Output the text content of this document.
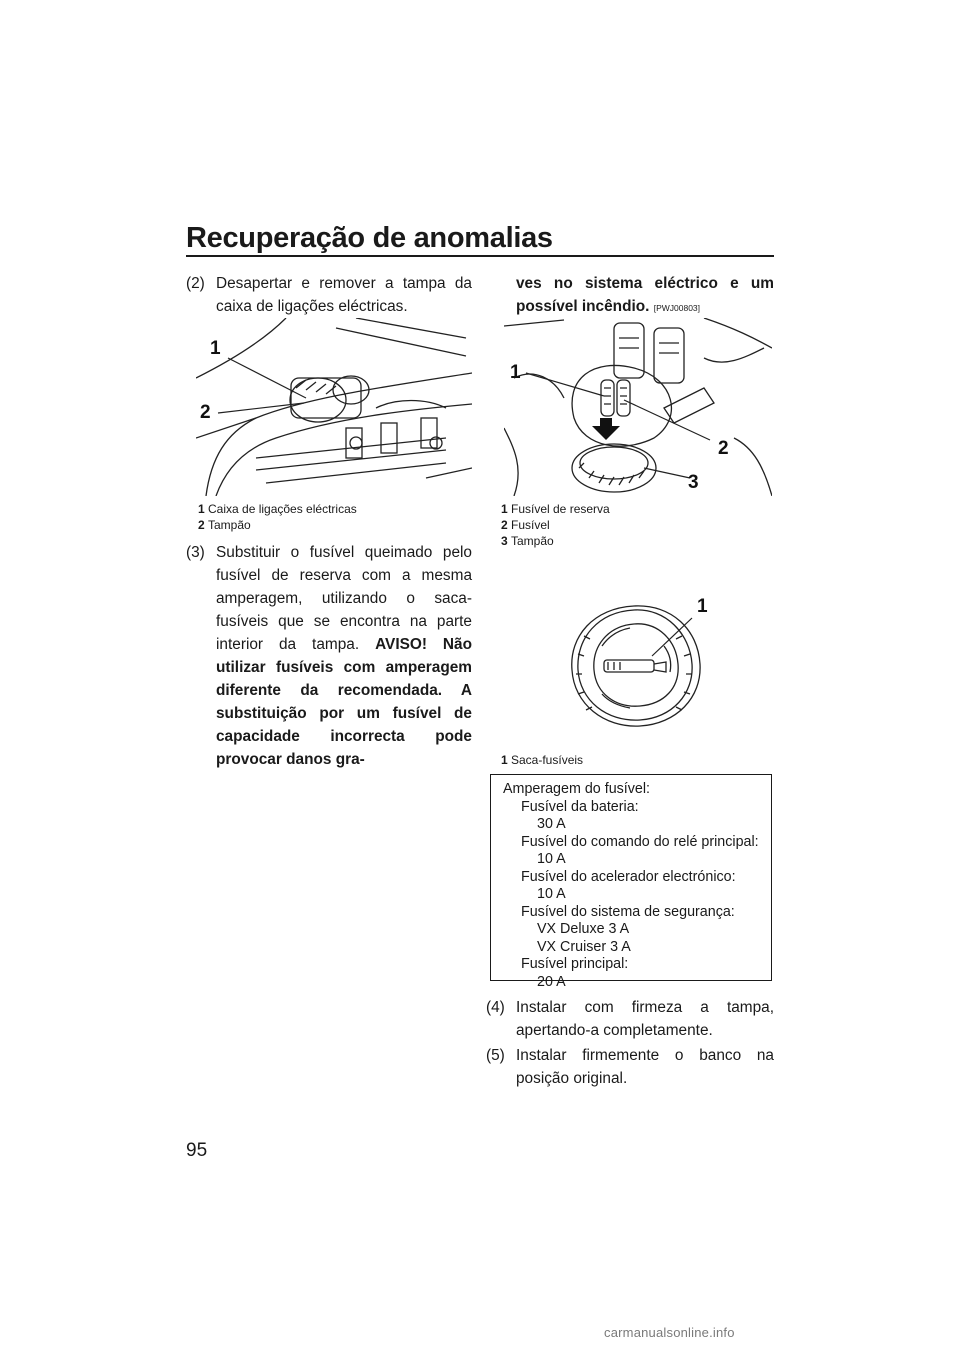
Recuperação de anomalias
(2) Desapertar e remover a tampa da caixa de ligações eléctricas.
1
2
1 Caixa de ligações eléctricas
2 Tampão
(3) Substituir o fusível queimado pelo fusível de reserva com a mesma amperagem, utilizando o saca-fusíveis que se encontra na parte interior da tampa. AVISO! Não utilizar fusíveis com amperagem diferente da recomendada. A substituição por um fusível de capacidade incorrecta pode provocar danos gra-
ves no sistema eléctrico e um possível incêndio. [PWJ00803]
1
2
3
1 Fusível de reserva
2 Fusível
3 Tampão
1
1 Saca-fusíveis
Amperagem do fusível:
Fusível da bateria:
30 A
Fusível do comando do relé principal:
10 A
Fusível do acelerador electrónico:
10 A
Fusível do sistema de segurança:
VX Deluxe 3 A
VX Cruiser 3 A
Fusível principal:
20 A
(4) Instalar com firmeza a tampa, apertando-a completamente.
(5) Instalar firmemente o banco na posição original.
95
carmanualsonline.info
